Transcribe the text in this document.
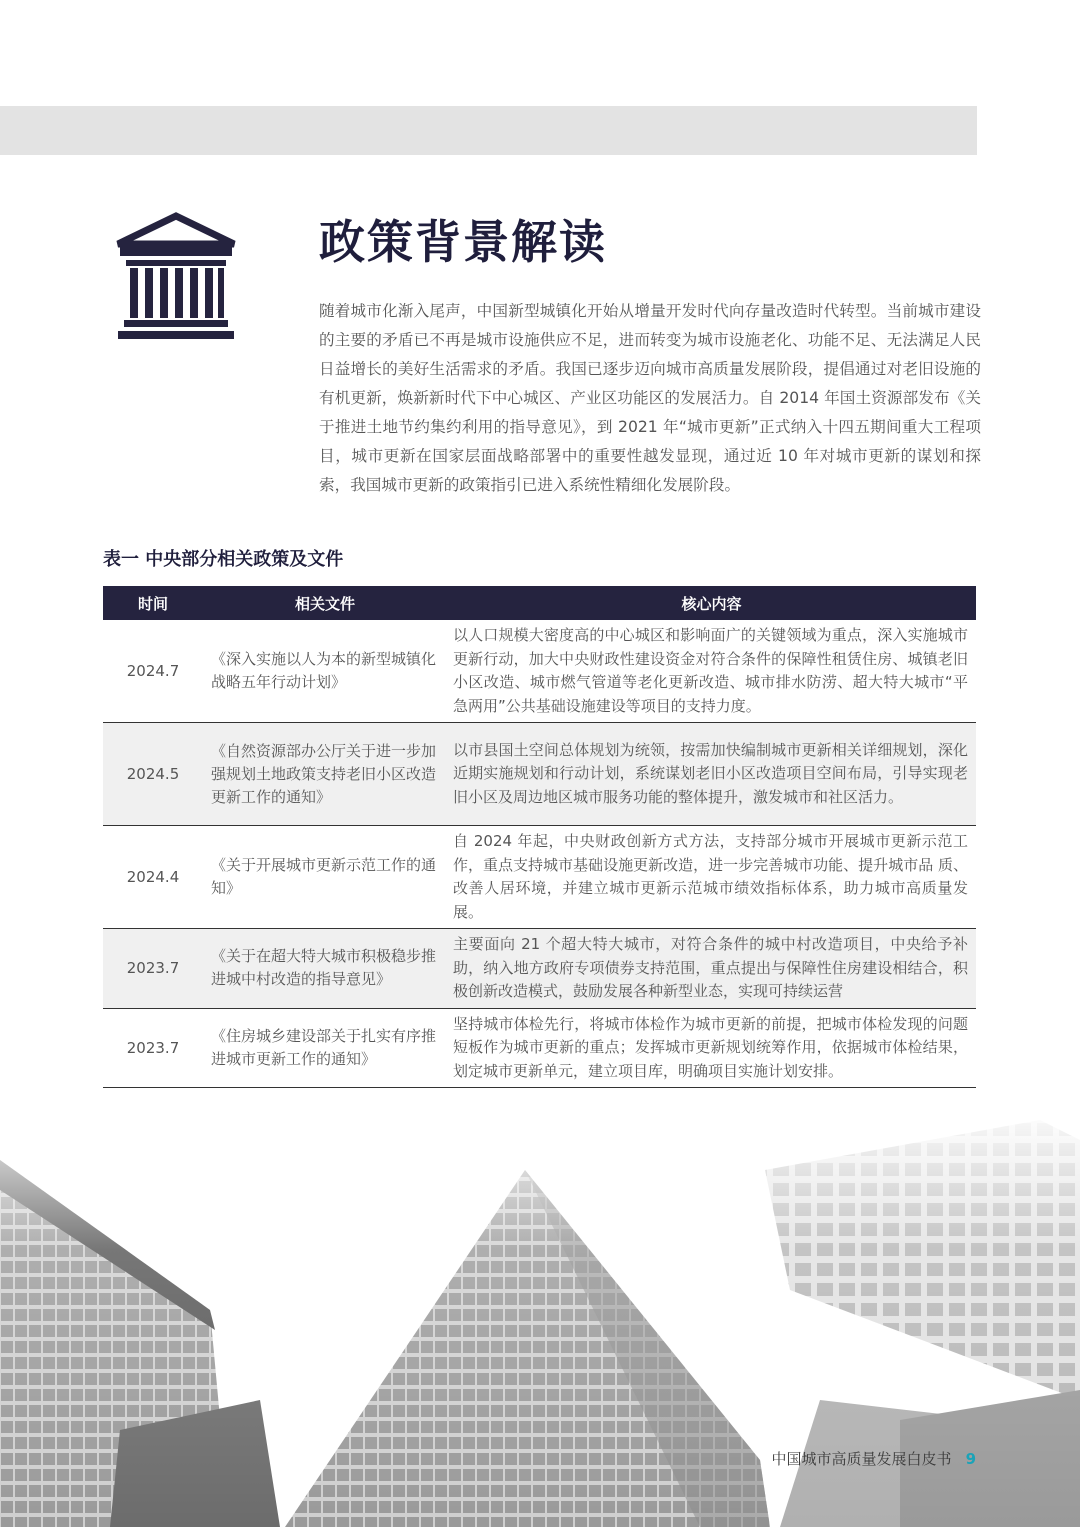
政策背景解读

随着城市化渐入尾声，中国新型城镇化开始从增量开发时代向存量改造时代转型。当前城市建设的主要的矛盾已不再是城市设施供应不足，进而转变为城市设施老化、功能不足、无法满足人民日益增长的美好生活需求的矛盾。我国已逐步迈向城市高质量发展阶段，提倡通过对老旧设施的有机更新，焕新新时代下中心城区、产业区功能区的发展活力。自 2014 年国土资源部发布《关于推进土地节约集约利用的指导意见》，到 2021 年“城市更新”正式纳入十四五期间重大工程项目，城市更新在国家层面战略部署中的重要性越发显现，通过近 10 年对城市更新的谋划和探索，我国城市更新的政策指引已进入系统性精细化发展阶段。

表一 中央部分相关政策及文件

时间	相关文件	核心内容
2024.7	《深入实施以人为本的新型城镇化战略五年行动计划》	以人口规模大密度高的中心城区和影响面广的关键领域为重点，深入实施城市更新行动，加大中央财政性建设资金对符合条件的保障性租赁住房、城镇老旧小区改造、城市燃气管道等老化更新改造、城市排水防涝、超大特大城市“平急两用”公共基础设施建设等项目的支持力度。
2024.5	《自然资源部办公厅关于进一步加强规划土地政策支持老旧小区改造更新工作的通知》	以市县国土空间总体规划为统领，按需加快编制城市更新相关详细规划，深化近期实施规划和行动计划，系统谋划老旧小区改造项目空间布局，引导实现老旧小区及周边地区城市服务功能的整体提升，激发城市和社区活力。
2024.4	《关于开展城市更新示范工作的通知》	自 2024 年起，中央财政创新方式方法，支持部分城市开展城市更新示范工作，重点支持城市基础设施更新改造，进一步完善城市功能、提升城市品 质、改善人居环境，并建立城市更新示范城市绩效指标体系，助力城市高质量发展。
2023.7	《关于在超大特大城市积极稳步推进城中村改造的指导意见》	主要面向 21 个超大特大城市，对符合条件的城中村改造项目，中央给予补助，纳入地方政府专项债券支持范围，重点提出与保障性住房建设相结合，积极创新改造模式，鼓励发展各种新型业态，实现可持续运营
2023.7	《住房城乡建设部关于扎实有序推进城市更新工作的通知》	坚持城市体检先行，将城市体检作为城市更新的前提，把城市体检发现的问题短板作为城市更新的重点；发挥城市更新规划统筹作用，依据城市体检结果，划定城市更新单元，建立项目库，明确项目实施计划安排。
中国城市高质量发展白皮书 9
